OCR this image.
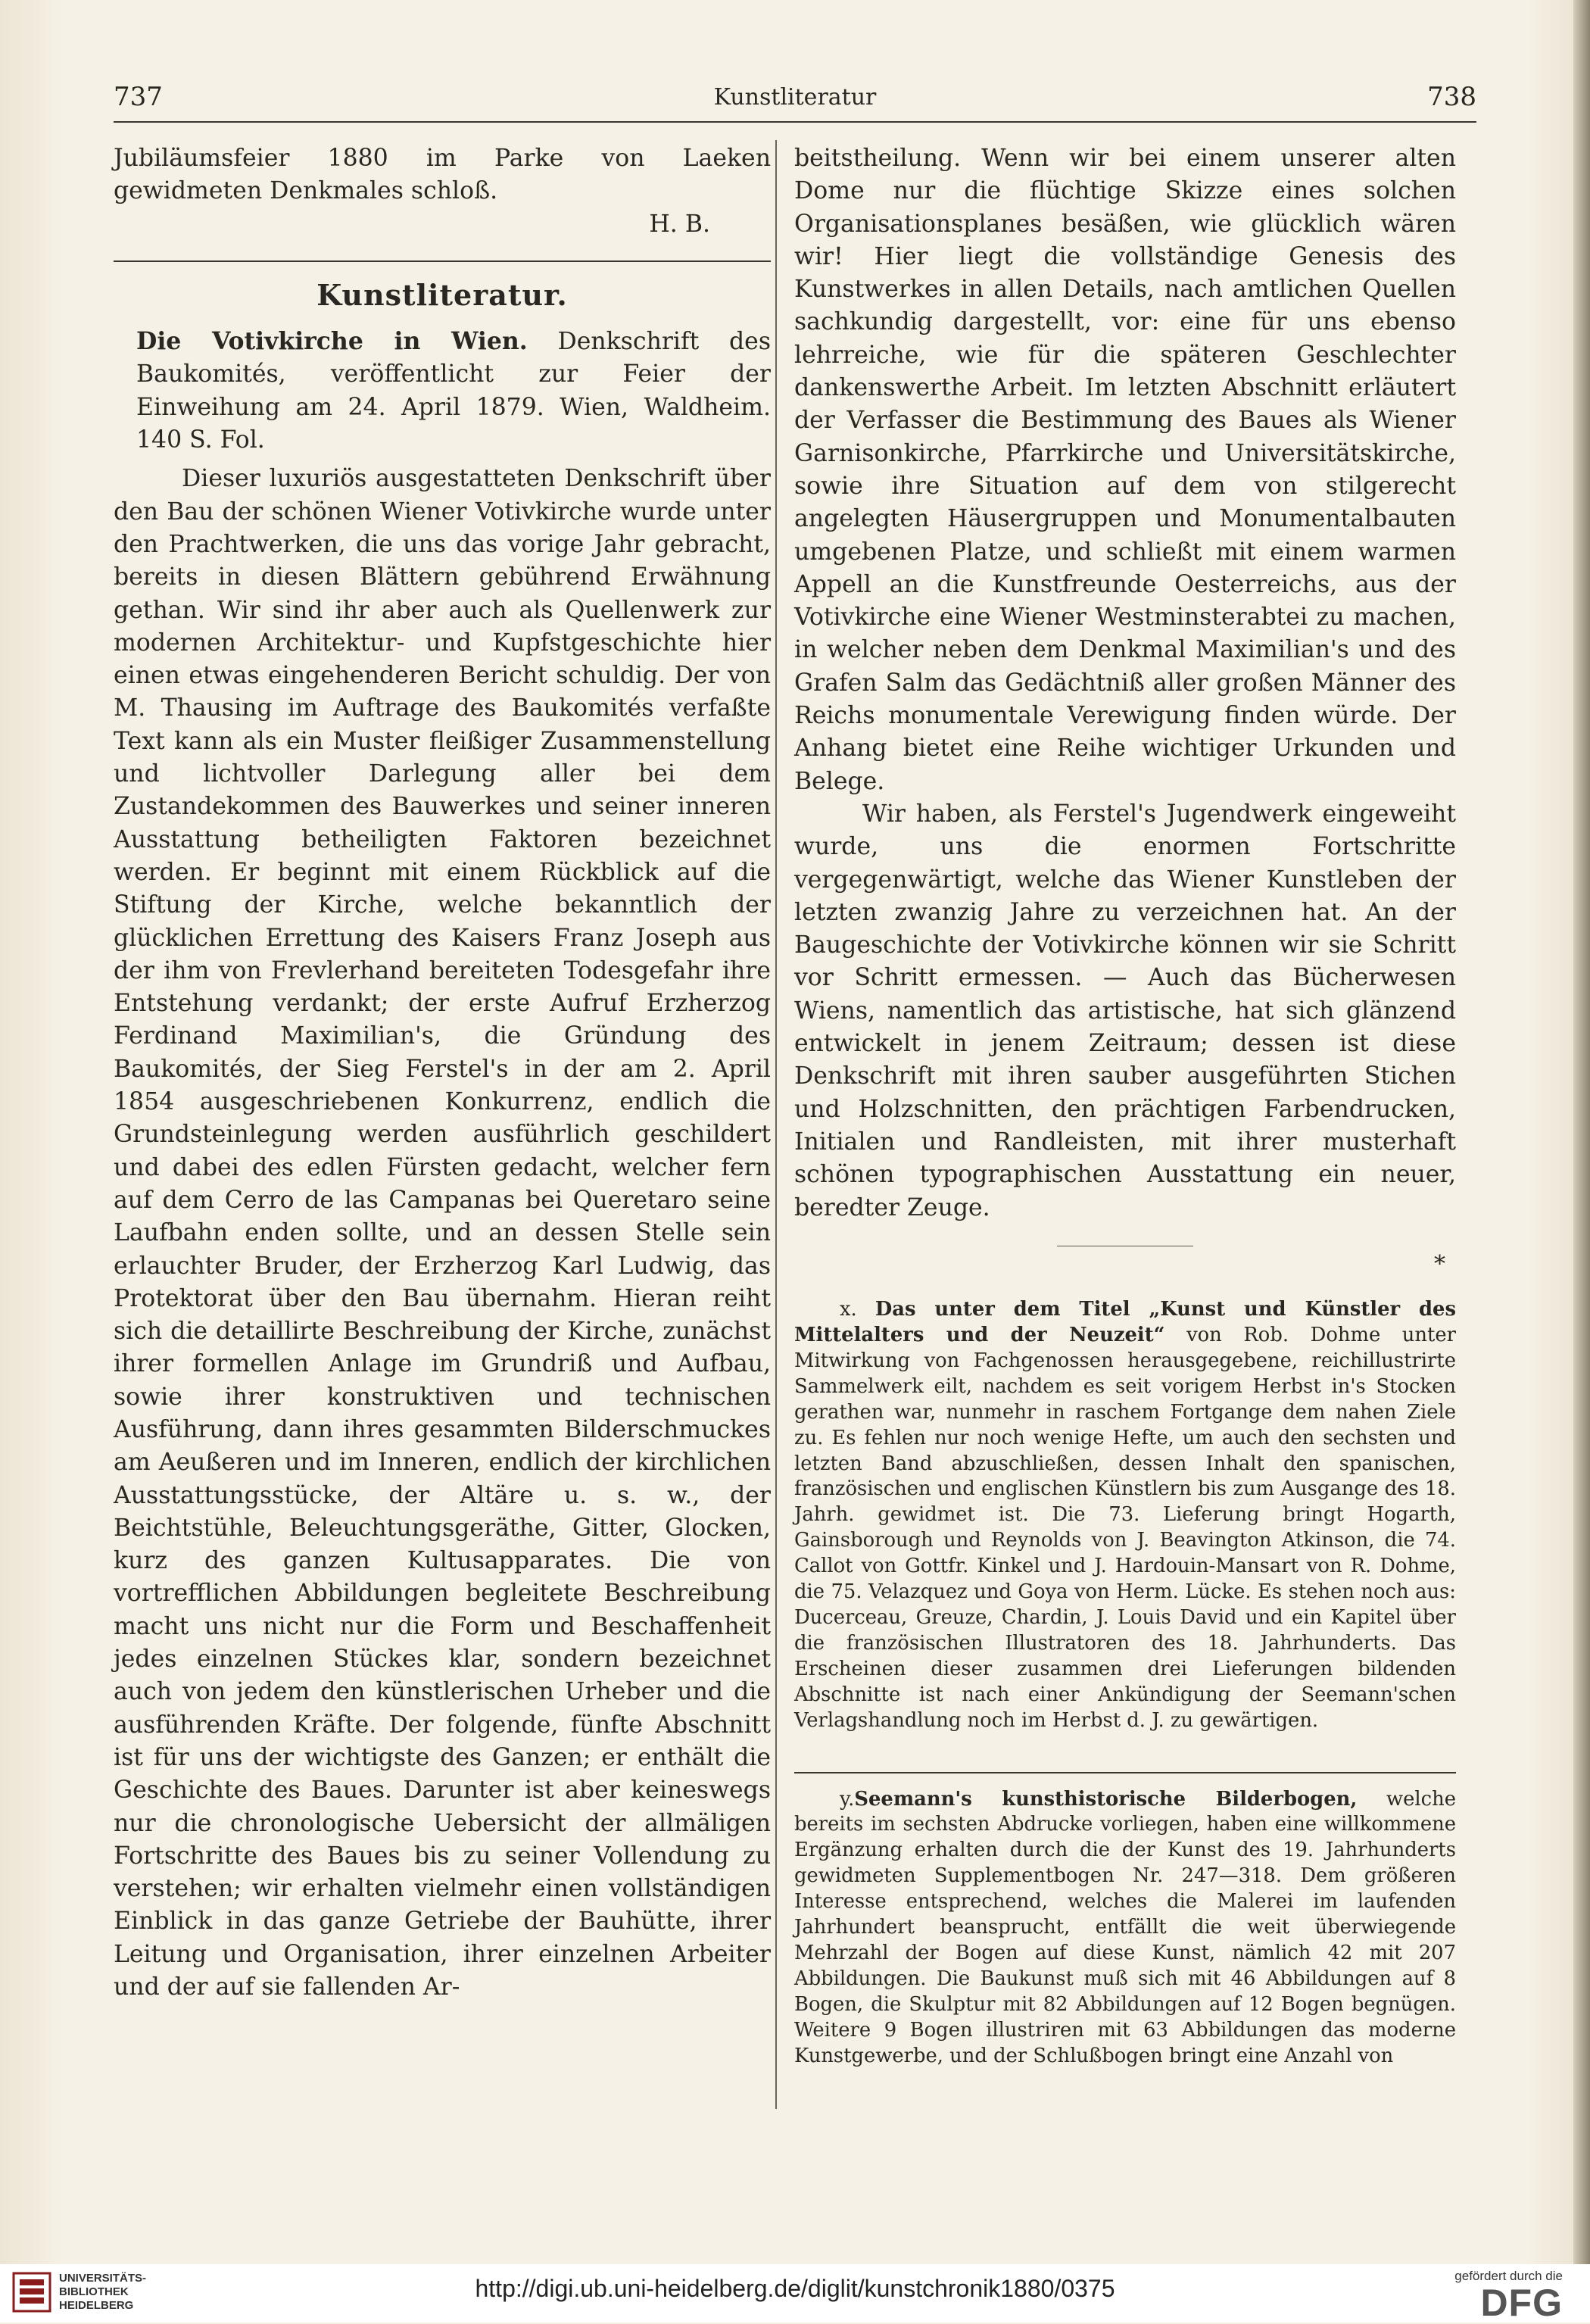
737	Kunstliteratur	738

Jubiläumsfeier 1880 im Parke von Laeken gewidmeten Denkmales schloß.

H. B.

Kunstliteratur.

Die Votivkirche in Wien. Denkschrift des Baukomités, veröffentlicht zur Feier der Einweihung am 24. April 1879. Wien, Waldheim. 140 S. Fol.

Dieser luxuriös ausgestatteten Denkschrift über den Bau der schönen Wiener Votivkirche wurde unter den Prachtwerken, die uns das vorige Jahr gebracht, bereits in diesen Blättern gebührend Erwähnung gethan. Wir sind ihr aber auch als Quellenwerk zur modernen Architektur- und Kupfstgeschichte hier einen etwas eingehenderen Bericht schuldig. Der von M. Thausing im Auftrage des Baukomités verfaßte Text kann als ein Muster fleißiger Zusammenstellung und lichtvoller Darlegung aller bei dem Zustandekommen des Bauwerkes und seiner inneren Ausstattung betheiligten Faktoren bezeichnet werden. Er beginnt mit einem Rückblick auf die Stiftung der Kirche, welche bekanntlich der glücklichen Errettung des Kaisers Franz Joseph aus der ihm von Frevlerhand bereiteten Todesgefahr ihre Entstehung verdankt; der erste Aufruf Erzherzog Ferdinand Maximilian's, die Gründung des Baukomités, der Sieg Ferstel's in der am 2. April 1854 ausgeschriebenen Konkurrenz, endlich die Grundsteinlegung werden ausführlich geschildert und dabei des edlen Fürsten gedacht, welcher fern auf dem Cerro de las Campanas bei Queretaro seine Laufbahn enden sollte, und an dessen Stelle sein erlauchter Bruder, der Erzherzog Karl Ludwig, das Protektorat über den Bau übernahm. Hieran reiht sich die detaillirte Beschreibung der Kirche, zunächst ihrer formellen Anlage im Grundriß und Aufbau, sowie ihrer konstruktiven und technischen Ausführung, dann ihres gesammten Bilderschmuckes am Aeußeren und im Inneren, endlich der kirchlichen Ausstattungsstücke, der Altäre u. s. w., der Beichtstühle, Beleuchtungsgeräthe, Gitter, Glocken, kurz des ganzen Kultusapparates. Die von vortrefflichen Abbildungen begleitete Beschreibung macht uns nicht nur die Form und Beschaffenheit jedes einzelnen Stückes klar, sondern bezeichnet auch von jedem den künstlerischen Urheber und die ausführenden Kräfte. Der folgende, fünfte Abschnitt ist für uns der wichtigste des Ganzen; er enthält die Geschichte des Baues. Darunter ist aber keineswegs nur die chronologische Uebersicht der allmäligen Fortschritte des Baues bis zu seiner Vollendung zu verstehen; wir erhalten vielmehr einen vollständigen Einblick in das ganze Getriebe der Bauhütte, ihrer Leitung und Organisation, ihrer einzelnen Arbeiter und der auf sie fallenden Ar-

beitstheilung. Wenn wir bei einem unserer alten Dome nur die flüchtige Skizze eines solchen Organisationsplanes besäßen, wie glücklich wären wir! Hier liegt die vollständige Genesis des Kunstwerkes in allen Details, nach amtlichen Quellen sachkundig dargestellt, vor: eine für uns ebenso lehrreiche, wie für die späteren Geschlechter dankenswerthe Arbeit. Im letzten Abschnitt erläutert der Verfasser die Bestimmung des Baues als Wiener Garnisonkirche, Pfarrkirche und Universitätskirche, sowie ihre Situation auf dem von stilgerecht angelegten Häusergruppen und Monumentalbauten umgebenen Platze, und schließt mit einem warmen Appell an die Kunstfreunde Oesterreichs, aus der Votivkirche eine Wiener Westminsterabtei zu machen, in welcher neben dem Denkmal Maximilian's und des Grafen Salm das Gedächtniß aller großen Männer des Reichs monumentale Verewigung finden würde. Der Anhang bietet eine Reihe wichtiger Urkunden und Belege.

Wir haben, als Ferstel's Jugendwerk eingeweiht wurde, uns die enormen Fortschritte vergegenwärtigt, welche das Wiener Kunstleben der letzten zwanzig Jahre zu verzeichnen hat. An der Baugeschichte der Votivkirche können wir sie Schritt vor Schritt ermessen. — Auch das Bücherwesen Wiens, namentlich das artistische, hat sich glänzend entwickelt in jenem Zeitraum; dessen ist diese Denkschrift mit ihren sauber ausgeführten Stichen und Holzschnitten, den prächtigen Farbendrucken, Initialen und Randleisten, mit ihrer musterhaft schönen typographischen Ausstattung ein neuer, beredter Zeuge.

*

x. Das unter dem Titel „Kunst und Künstler des Mittelalters und der Neuzeit“ von Rob. Dohme unter Mitwirkung von Fachgenossen herausgegebene, reichillustrirte Sammelwerk eilt, nachdem es seit vorigem Herbst in's Stocken gerathen war, nunmehr in raschem Fortgange dem nahen Ziele zu. Es fehlen nur noch wenige Hefte, um auch den sechsten und letzten Band abzuschließen, dessen Inhalt den spanischen, französischen und englischen Künstlern bis zum Ausgange des 18. Jahrh. gewidmet ist. Die 73. Lieferung bringt Hogarth, Gainsborough und Reynolds von J. Beavington Atkinson, die 74. Callot von Gottfr. Kinkel und J. Hardouin-Mansart von R. Dohme, die 75. Velazquez und Goya von Herm. Lücke. Es stehen noch aus: Ducerceau, Greuze, Chardin, J. Louis David und ein Kapitel über die französischen Illustratoren des 18. Jahrhunderts. Das Erscheinen dieser zusammen drei Lieferungen bildenden Abschnitte ist nach einer Ankündigung der Seemann'schen Verlagshandlung noch im Herbst d. J. zu gewärtigen.

y.Seemann's kunsthistorische Bilderbogen, welche bereits im sechsten Abdrucke vorliegen, haben eine willkommene Ergänzung erhalten durch die der Kunst des 19. Jahrhunderts gewidmeten Supplementbogen Nr. 247—318. Dem größeren Interesse entsprechend, welches die Malerei im laufenden Jahrhundert beansprucht, entfällt die weit überwiegende Mehrzahl der Bogen auf diese Kunst, nämlich 42 mit 207 Abbildungen. Die Baukunst muß sich mit 46 Abbildungen auf 8 Bogen, die Skulptur mit 82 Abbildungen auf 12 Bogen begnügen. Weitere 9 Bogen illustriren mit 63 Abbildungen das moderne Kunstgewerbe, und der Schlußbogen bringt eine Anzahl von

UNIVERSITÄTS-
BIBLIOTHEK
HEIDELBERG
http://digi.ub.uni-heidelberg.de/diglit/kunstchronik1880/0375	gefördert durch die
DFG
